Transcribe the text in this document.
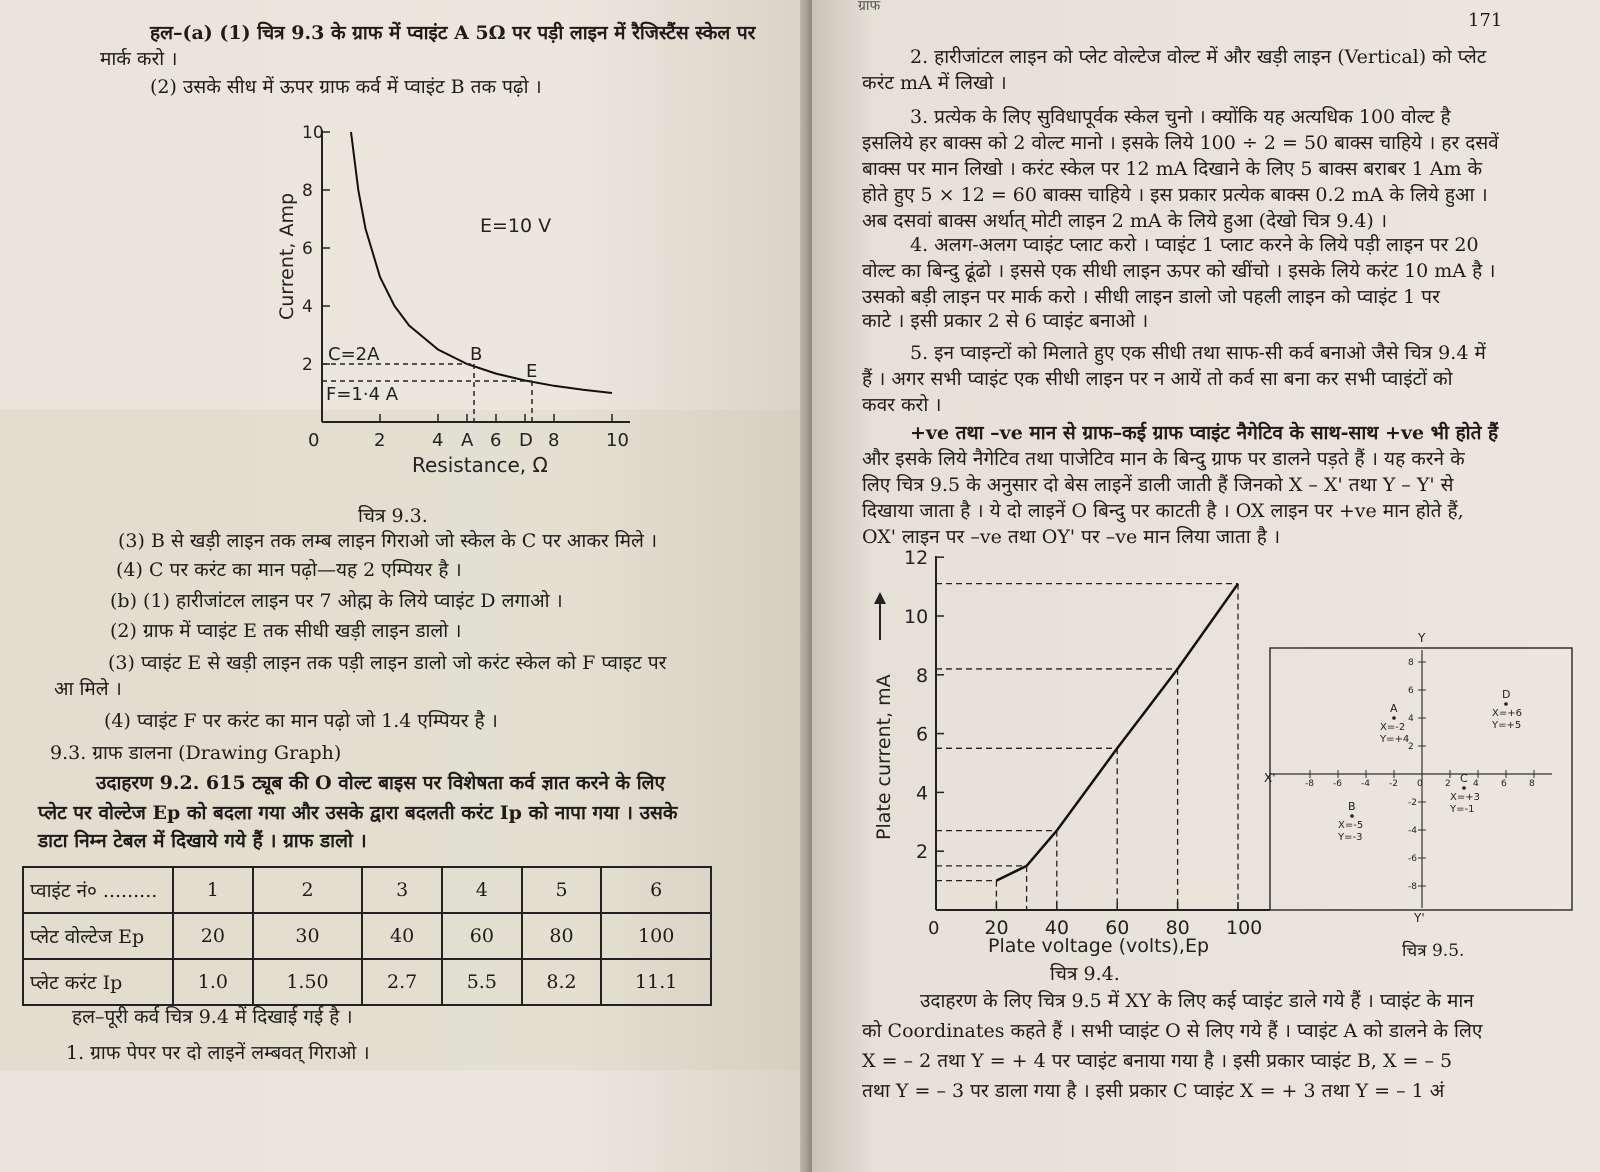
हल–(a) (1) चित्र 9.3 के ग्राफ में प्वाइंट A 5Ω पर पड़ी लाइन में रैजिस्टैंस स्केल पर
मार्क करो ।
(2) उसके सीध में ऊपर ग्राफ कर्व में प्वाइंट B तक पढ़ो ।
10
8
6
4
2
2	4 A 6 D 8	10
Current, Amp
Resistance, Ω
0
E=10 V
C=2A
F=1·4 A
B
E
चित्र 9.3.
(3) B से खड़ी लाइन तक लम्ब लाइन गिराओ जो स्केल के C पर आकर मिले ।
(4) C पर करंट का मान पढ़ो—यह 2 एम्पियर है ।
(b) (1) हारीजांटल लाइन पर 7 ओह्म के लिये प्वाइंट D लगाओ ।
(2) ग्राफ में प्वाइंट E तक सीधी खड़ी लाइन डालो ।
(3) प्वाइंट E से खड़ी लाइन तक पड़ी लाइन डालो जो करंट स्केल को F प्वाइट पर
आ मिले ।
(4) प्वाइंट F पर करंट का मान पढ़ो जो 1.4 एम्पियर है ।
9.3. ग्राफ डालना (Drawing Graph)
उदाहरण 9.2. 615 ट्यूब की O वोल्ट बाइस पर विशेषता कर्व ज्ञात करने के लिए
प्लेट पर वोल्टेज Ep को बदला गया और उसके द्वारा बदलती करंट Ip को नापा गया । उसके
डाटा निम्न टेबल में दिखाये गये हैं । ग्राफ डालो ।
प्वाइंट नं० .........	1	2	3	4	5	6
प्लेट वोल्टेज Ep	20	30	40	60	80	100
प्लेट करंट Ip	1.0	1.50	2.7	5.5	8.2	11.1
हल–पूरी कर्व चित्र 9.4 में दिखाई गई है ।
1. ग्राफ पेपर पर दो लाइनें लम्बवत् गिराओ ।
ग्राफ
171
2. हारीजांटल लाइन को प्लेट वोल्टेज वोल्ट में और खड़ी लाइन (Vertical) को प्लेट
करंट mA में लिखो ।
3. प्रत्येक के लिए सुविधापूर्वक स्केल चुनो । क्योंकि यह अत्यधिक 100 वोल्ट है
इसलिये हर बाक्स को 2 वोल्ट मानो । इसके लिये 100 ÷ 2 = 50 बाक्स चाहिये । हर दसवें
बाक्स पर मान लिखो । करंट स्केल पर 12 mA दिखाने के लिए 5 बाक्स बराबर 1 Am के
होते हुए 5 × 12 = 60 बाक्स चाहिये । इस प्रकार प्रत्येक बाक्स 0.2 mA के लिये हुआ ।
अब दसवां बाक्स अर्थात् मोटी लाइन 2 mA के लिये हुआ (देखो चित्र 9.4) ।
4. अलग-अलग प्वाइंट प्लाट करो । प्वाइंट 1 प्लाट करने के लिये पड़ी लाइन पर 20
वोल्ट का बिन्दु ढूंढो । इससे एक सीधी लाइन ऊपर को खींचो । इसके लिये करंट 10 mA है ।
उसको बड़ी लाइन पर मार्क करो । सीधी लाइन डालो जो पहली लाइन को प्वाइंट 1 पर
काटे । इसी प्रकार 2 से 6 प्वाइंट बनाओ ।
5. इन प्वाइन्टों को मिलाते हुए एक सीधी तथा साफ-सी कर्व बनाओ जैसे चित्र 9.4 में
हैं । अगर सभी प्वाइंट एक सीधी लाइन पर न आयें तो कर्व सा बना कर सभी प्वाइंटों को
कवर करो ।
+ve तथा –ve मान से ग्राफ–कई ग्राफ प्वाइंट नैगेटिव के साथ-साथ +ve भी होते हैं
और इसके लिये नैगेटिव तथा पाजेटिव मान के बिन्दु ग्राफ पर डालने पड़ते हैं । यह करने के
लिए चित्र 9.5 के अनुसार दो बेस लाइनें डाली जाती हैं जिनको X – X' तथा Y – Y' से
दिखाया जाता है । ये दो लाइनें O बिन्दु पर काटती है । OX लाइन पर +ve मान होते हैं,
OX' लाइन पर –ve तथा OY' पर –ve मान लिया जाता है ।
12
10
8
6
4
2
20 40 60 80 100
Plate current, mA
Plate voltage (volts),Ep
0
चित्र 9.4.
Y
Y'
X'	-8 -6 -4 -2 0 2 4 6 8
8
6
4
2
-2
-4
-6
-8
A
X=-2
Y=+4
B
X=-5
Y=-3
C
X=+3
Y=-1
D
X=+6
Y=+5
चित्र 9.5.
उदाहरण के लिए चित्र 9.5 में XY के लिए कई प्वाइंट डाले गये हैं । प्वाइंट के मान
को Coordinates कहते हैं । सभी प्वाइंट O से लिए गये हैं । प्वाइंट A को डालने के लिए
X = – 2 तथा Y = + 4 पर प्वाइंट बनाया गया है । इसी प्रकार प्वाइंट B, X = – 5
तथा Y = – 3 पर डाला गया है । इसी प्रकार C प्वाइंट X = + 3 तथा Y = – 1 अं
